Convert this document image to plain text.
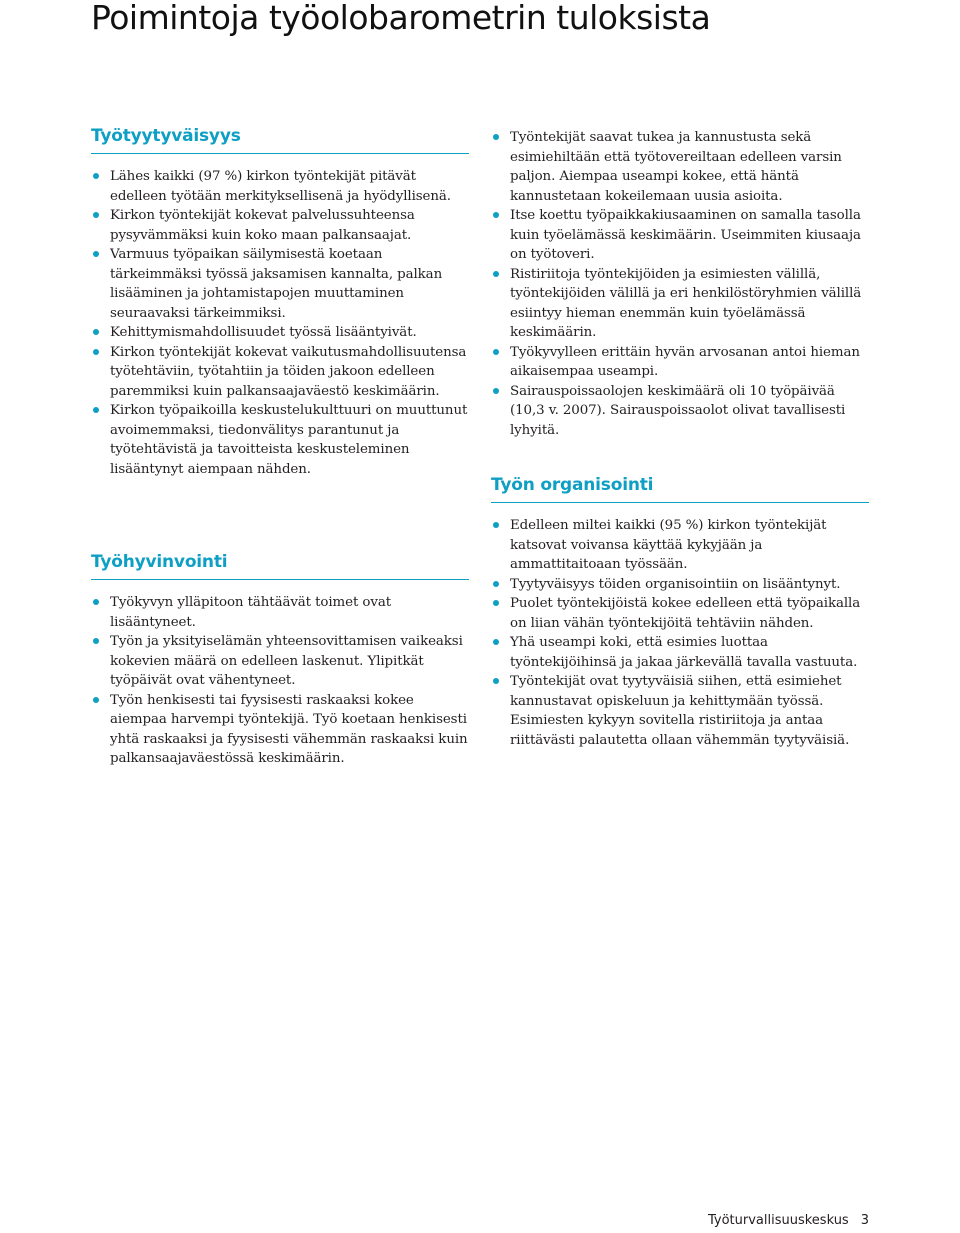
Poimintoja työolobarometrin tuloksista
Työtyytyväisyys
Lähes kaikki (97 %) kirkon työntekijät pitävät edelleen työtään merkityksellisenä ja hyödyllisenä.
Kirkon työntekijät kokevat palvelussuhteensa pysyvämmäksi kuin koko maan palkansaajat.
Varmuus työpaikan säilymisestä koetaan tärkeimmäksi työssä jaksamisen kannalta, palkan lisääminen ja johtamistapojen muuttaminen seuraavaksi tärkeimmiksi.
Kehittymismahdollisuudet työssä lisääntyivät.
Kirkon työntekijät kokevat vaikutusmahdollisuutensa työtehtäviin, työtahtiin ja töiden jakoon edelleen paremmiksi kuin palkansaajaväestö keskimäärin.
Kirkon työpaikoilla keskustelukulttuuri on muuttunut avoimemmaksi, tiedonvälitys parantunut ja työtehtävistä ja tavoitteista keskusteleminen lisääntynyt aiempaan nähden.
Työhyvinvointi
Työkyvyn ylläpitoon tähtäävät toimet ovat lisääntyneet.
Työn ja yksityiselämän yhteensovittamisen vaikeaksi kokevien määrä on edelleen laskenut. Ylipitkät työpäivät ovat vähentyneet.
Työn henkisesti tai fyysisesti raskaaksi kokee aiempaa harvempi työntekijä. Työ koetaan henkisesti yhtä raskaaksi ja fyysisesti vähemmän raskaaksi kuin palkansaajaväestössä keskimäärin.
Työntekijät saavat tukea ja kannustusta sekä esimiehiltään että työtovereiltaan edelleen varsin paljon. Aiempaa useampi kokee, että häntä kannustetaan kokeilemaan uusia asioita.
Itse koettu työpaikkakiusaaminen on samalla tasolla kuin työelämässä keskimäärin. Useimmiten kiusaaja on työtoveri.
Ristiriitoja työntekijöiden ja esimiesten välillä, työntekijöiden välillä ja eri henkilöstöryhmien välillä esiintyy hieman enemmän kuin työelämässä keskimäärin.
Työkyvylleen erittäin hyvän arvosanan antoi hieman aikaisempaa useampi.
Sairauspoissaolojen keskimäärä oli 10 työpäivää (10,3 v. 2007). Sairauspoissaolot olivat tavallisesti lyhyitä.
Työn organisointi
Edelleen miltei kaikki (95 %) kirkon työntekijät katsovat voivansa käyttää kykyjään ja ammattitaitoaan työssään.
Tyytyväisyys töiden organisointiin on lisääntynyt.
Puolet työntekijöistä kokee edelleen että työpaikalla on liian vähän työntekijöitä tehtäviin nähden.
Yhä useampi koki, että esimies luottaa työntekijöihinsä ja jakaa järkevällä tavalla vastuuta.
Työntekijät ovat tyytyväisiä siihen, että esimiehet kannustavat opiskeluun ja kehittymään työssä. Esimiesten kykyyn sovitella ristiriitoja ja antaa riittävästi palautetta ollaan vähemmän tyytyväisiä.
Työturvallisuuskeskus 3
